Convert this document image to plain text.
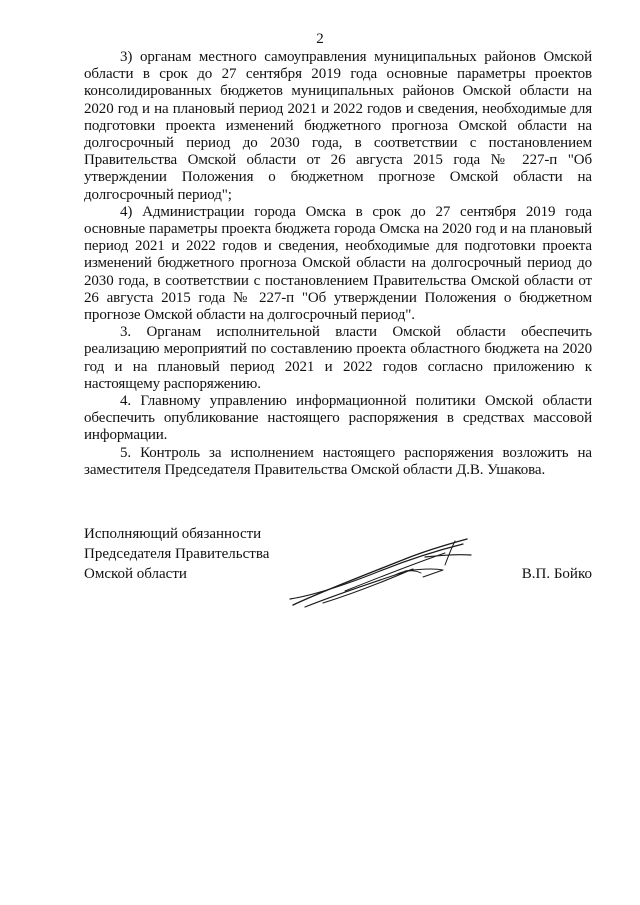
2

3) органам местного самоуправления муниципальных районов Омской области в срок до 27 сентября 2019 года основные параметры проектов консолидированных бюджетов муниципальных районов Омской области на 2020 год и на плановый период 2021 и 2022 годов и сведения, необходимые для подготовки проекта изменений бюджетного прогноза Омской области на долгосрочный период до 2030 года, в соответствии с постановлением Правительства Омской области от 26 августа 2015 года № 227-п "Об утверждении Положения о бюджетном прогнозе Омской области на долгосрочный период";

4) Администрации города Омска в срок до 27 сентября 2019 года основные параметры проекта бюджета города Омска на 2020 год и на плановый период 2021 и 2022 годов и сведения, необходимые для подготовки проекта изменений бюджетного прогноза Омской области на долгосрочный период до 2030 года, в соответствии с постановлением Правительства Омской области от 26 августа 2015 года № 227-п "Об утверждении Положения о бюджетном прогнозе Омской области на долгосрочный период".

3. Органам исполнительной власти Омской области обеспечить реализацию мероприятий по составлению проекта областного бюджета на 2020 год и на плановый период 2021 и 2022 годов согласно приложению к настоящему распоряжению.

4. Главному управлению информационной политики Омской области обеспечить опубликование настоящего распоряжения в средствах массовой информации.

5. Контроль за исполнением настоящего распоряжения возложить на заместителя Председателя Правительства Омской области Д.В. Ушакова.

Исполняющий обязанности
Председателя Правительства
Омской области	В.П. Бойко
